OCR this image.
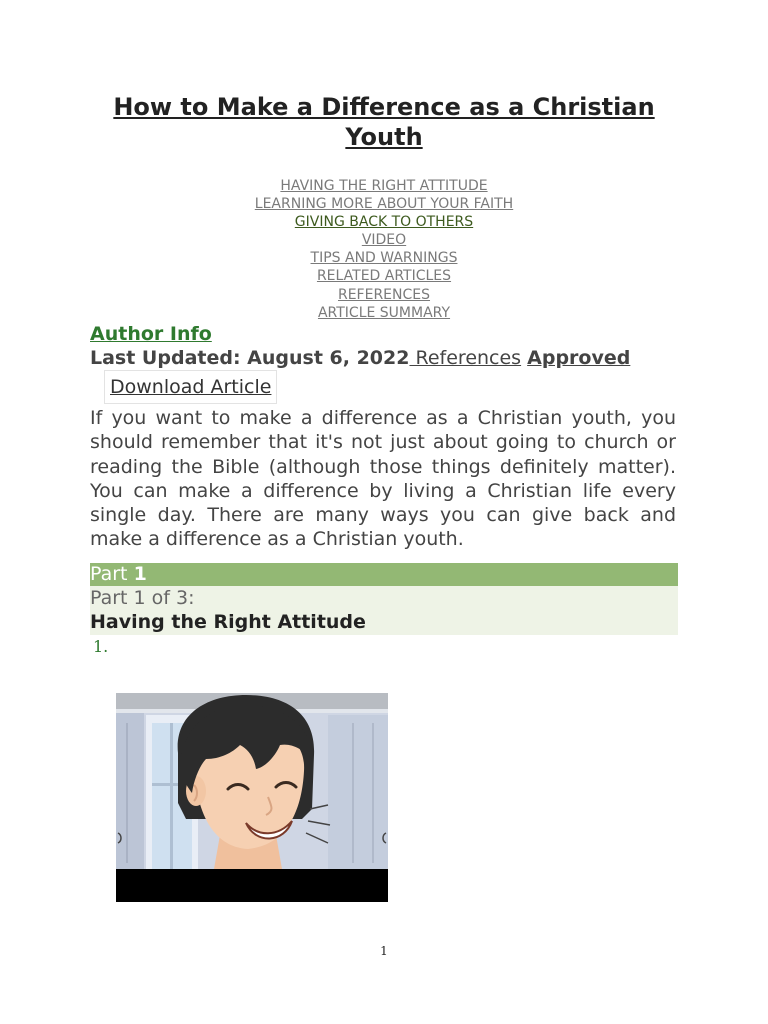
How to Make a Difference as a Christian Youth
HAVING THE RIGHT ATTITUDE
LEARNING MORE ABOUT YOUR FAITH
GIVING BACK TO OTHERS
VIDEO
TIPS AND WARNINGS
RELATED ARTICLES
REFERENCES
ARTICLE SUMMARY
Author Info
Last Updated: August 6, 2022 References Approved
Download Article

If you want to make a difference as a Christian youth, you should remember that it's not just about going to church or reading the Bible (although those things definitely matter). You can make a difference by living a Christian life every single day. There are many ways you can give back and make a difference as a Christian youth.

Part 1
Part 1 of 3:
Having the Right Attitude
1.
1
